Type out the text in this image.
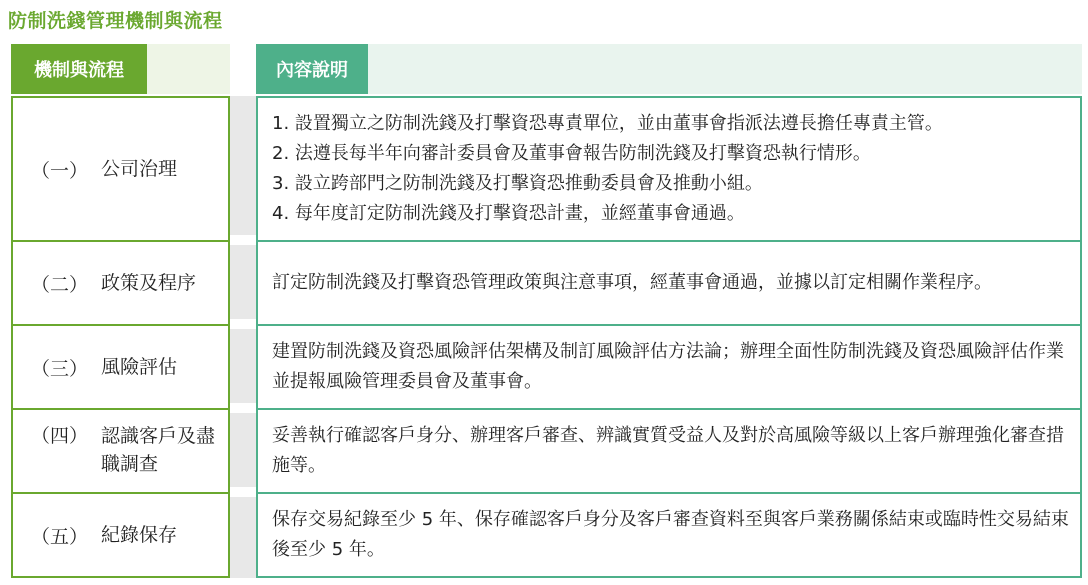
防制洗錢管理機制與流程
機制與流程	內容說明
（一） 公司治理
（二） 政策及程序
（三） 風險評估
（四） 認識客戶及盡職調查
（五） 紀錄保存
1. 設置獨立之防制洗錢及打擊資恐專責單位，並由董事會指派法遵長擔任專責主管。
2. 法遵長每半年向審計委員會及董事會報告防制洗錢及打擊資恐執行情形。
3. 設立跨部門之防制洗錢及打擊資恐推動委員會及推動小組。
4. 每年度訂定防制洗錢及打擊資恐計畫，並經董事會通過。
訂定防制洗錢及打擊資恐管理政策與注意事項，經董事會通過，並據以訂定相關作業程序。
建置防制洗錢及資恐風險評估架構及制訂風險評估方法論；辦理全面性防制洗錢及資恐風險評估作業並提報風險管理委員會及董事會。
妥善執行確認客戶身分、辦理客戶審查、辨識實質受益人及對於高風險等級以上客戶辦理強化審查措施等。
保存交易紀錄至少 5 年、保存確認客戶身分及客戶審查資料至與客戶業務關係結束或臨時性交易結束後至少 5 年。
